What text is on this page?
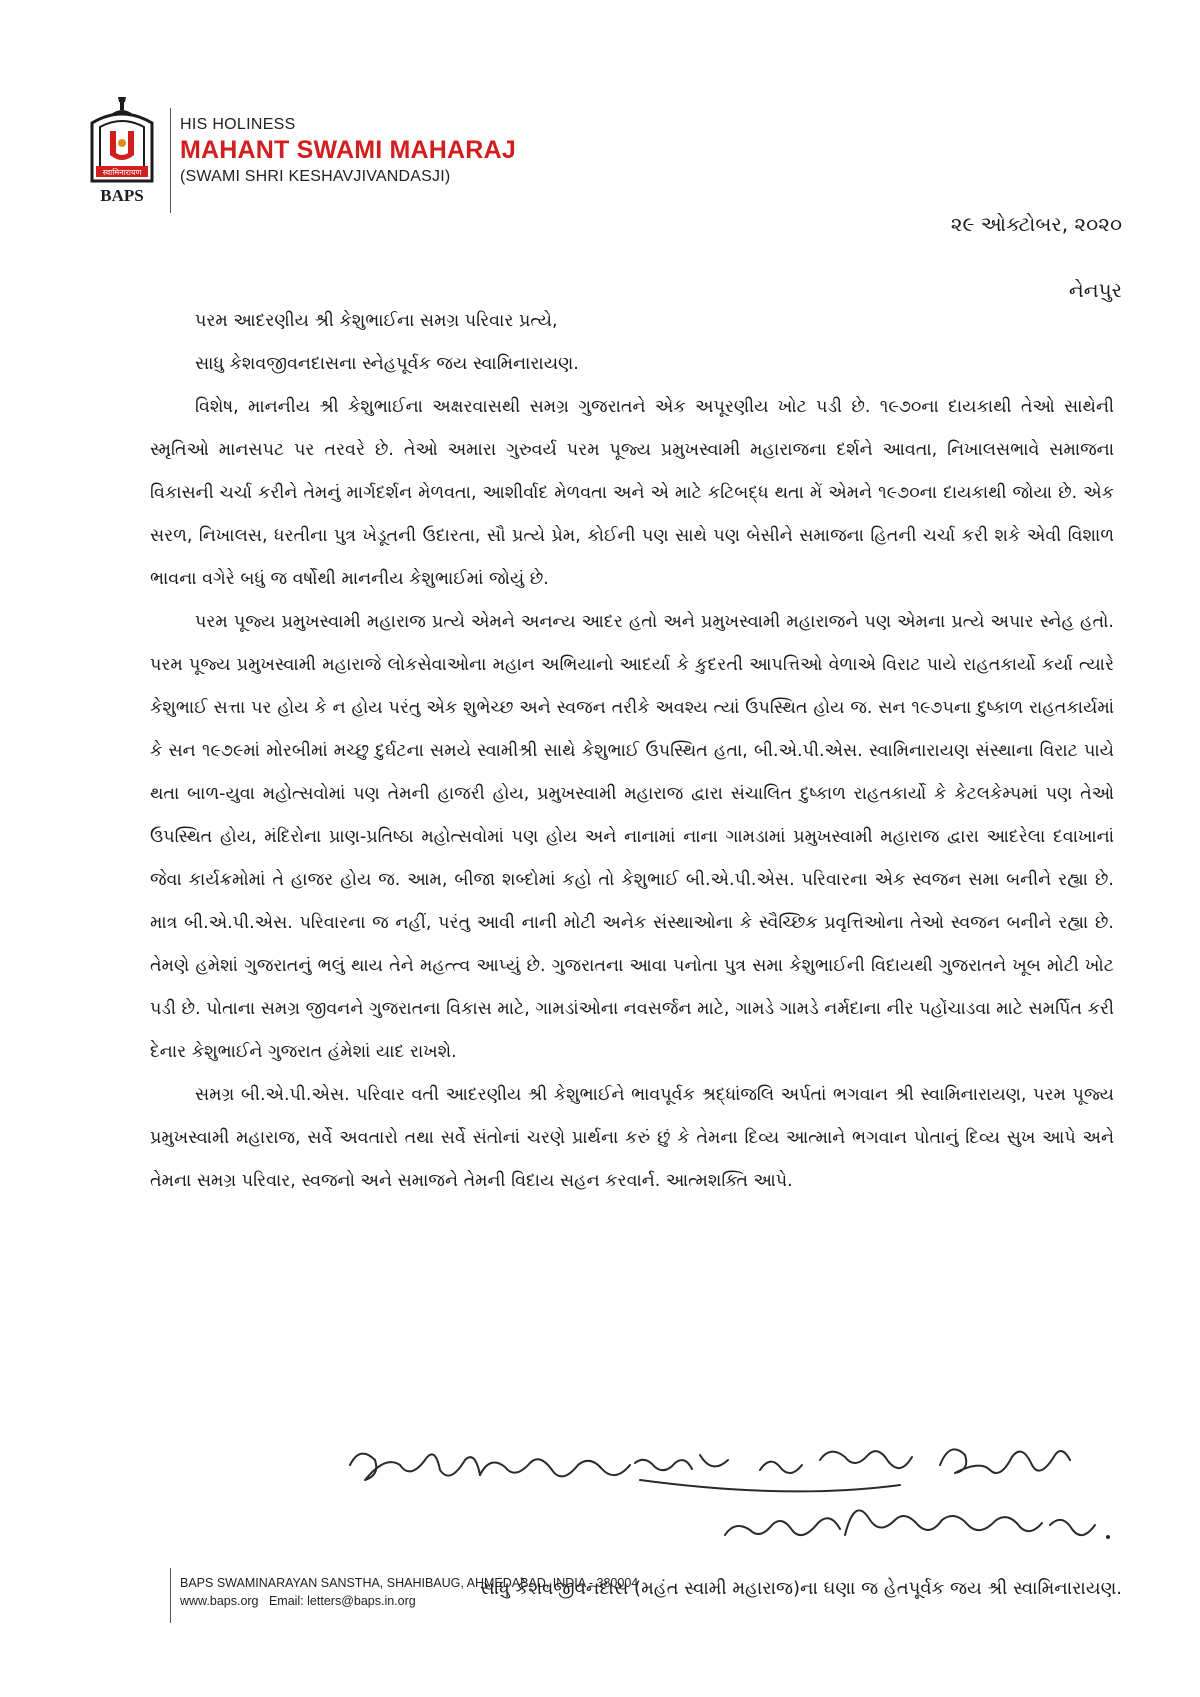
स्वामिनारायण
BAPS
HIS HOLINESS
MAHANT SWAMI MAHARAJ
(SWAMI SHRI KESHAVJIVANDASJI)
૨૯ ઓક્ટોબર, ૨૦૨૦
નેનપુર

પરમ આદરણીય શ્રી કેશુભાઈના સમગ્ર પરિવાર પ્રત્યે,

સાધુ કેશવજીવનદાસના સ્નેહપૂર્વક જય સ્વામિનારાયણ.

વિશેષ, માનનીય શ્રી કેશુભાઈના અક્ષરવાસથી સમગ્ર ગુજરાતને એક અપૂરણીય ખોટ પડી છે. ૧૯૭૦ના દાયકાથી તેઓ સાથેની સ્મૃતિઓ માનસપટ પર તરવરે છે. તેઓ અમારા ગુરુવર્ય પરમ પૂજ્ય પ્રમુખસ્વામી મહારાજના દર્શને આવતા, નિખાલસભાવે સમાજના વિકાસની ચર્ચા કરીને તેમનું માર્ગદર્શન મેળવતા, આશીર્વાદ મેળવતા અને એ માટે કટિબદ્ધ થતા મેં એમને ૧૯૭૦ના દાયકાથી જોયા છે. એક સરળ, નિખાલસ, ધરતીના પુત્ર ખેડૂતની ઉદારતા, સૌ પ્રત્યે પ્રેમ, કોઈની પણ સાથે પણ બેસીને સમાજના હિતની ચર્ચા કરી શકે એવી વિશાળ ભાવના વગેરે બધું જ વર્ષોથી માનનીય કેશુભાઈમાં જોયું છે.

પરમ પૂજ્ય પ્રમુખસ્વામી મહારાજ પ્રત્યે એમને અનન્ય આદર હતો અને પ્રમુખસ્વામી મહારાજને પણ એમના પ્રત્યે અપાર સ્નેહ હતો. પરમ પૂજ્ય પ્રમુખસ્વામી મહારાજે લોકસેવાઓના મહાન અભિયાનો આદર્યા કે કુદરતી આપત્તિઓ વેળાએ વિરાટ પાયે રાહતકાર્યો કર્યા ત્યારે કેશુભાઈ સત્તા પર હોય કે ન હોય પરંતુ એક શુભેચ્છ અને સ્વજન તરીકે અવશ્ય ત્યાં ઉપસ્થિત હોય જ. સન ૧૯૭૫ના દુષ્કાળ રાહતકાર્યમાં કે સન ૧૯૭૯માં મોરબીમાં મચ્છુ દુર્ઘટના સમયે સ્વામીશ્રી સાથે કેશુભાઈ ઉપસ્થિત હતા, બી.એ.પી.એસ. સ્વામિનારાયણ સંસ્થાના વિરાટ પાયે થતા બાળ-યુવા મહોત્સવોમાં પણ તેમની હાજરી હોય, પ્રમુખસ્વામી મહારાજ દ્વારા સંચાલિત દુષ્કાળ રાહતકાર્યો કે કેટલકેમ્પમાં પણ તેઓ ઉપસ્થિત હોય, મંદિરોના પ્રાણ-પ્રતિષ્ઠા મહોત્સવોમાં પણ હોય અને નાનામાં નાના ગામડામાં પ્રમુખસ્વામી મહારાજ દ્વારા આદરેલા દવાખાનાં જેવા કાર્યક્રમોમાં તે હાજર હોય જ. આમ, બીજા શબ્દોમાં કહો તો કેશુભાઈ બી.એ.પી.એસ. પરિવારના એક સ્વજન સમા બનીને રહ્યા છે. માત્ર બી.એ.પી.એસ. પરિવારના જ નહીં, પરંતુ આવી નાની મોટી અનેક સંસ્થાઓના કે સ્વૈચ્છિક પ્રવૃત્તિઓના તેઓ સ્વજન બનીને રહ્યા છે. તેમણે હમેશાં ગુજરાતનું ભલું થાય તેને મહત્ત્વ આપ્યું છે. ગુજરાતના આવા પનોતા પુત્ર સમા કેશુભાઈની વિદાયથી ગુજરાતને ખૂબ મોટી ખોટ પડી છે. પોતાના સમગ્ર જીવનને ગુજરાતના વિકાસ માટે, ગામડાંઓના નવસર્જન માટે, ગામડે ગામડે નર્મદાના નીર પહોંચાડવા માટે સમર્પિત કરી દેનાર કેશુભાઈને ગુજરાત હંમેશાં યાદ રાખશે.

સમગ્ર બી.એ.પી.એસ. પરિવાર વતી આદરણીય શ્રી કેશુભાઈને ભાવપૂર્વક શ્રદ્ધાંજલિ અર્પતાં ભગવાન શ્રી સ્વામિનારાયણ, પરમ પૂજ્ય પ્રમુખસ્વામી મહારાજ, સર્વે અવતારો તથા સર્વે સંતોનાં ચરણે પ્રાર્થના કરું છું કે તેમના દિવ્ય આત્માને ભગવાન પોતાનું દિવ્ય સુખ આપે અને તેમના સમગ્ર પરિવાર, સ્વજનો અને સમાજને તેમની વિદાય સહન કરવાર્ન. આત્મશક્તિ આપે.

સાધુ કેશવજીવનદાસ (મહંત સ્વામી મહારાજ)ના ઘણા જ હેતપૂર્વક જય શ્રી સ્વામિનારાયણ.
BAPS SWAMINARAYAN SANSTHA, SHAHIBAUG, AHMEDABAD, INDIA - 380004
www.baps.org Email: letters@baps.in.org
